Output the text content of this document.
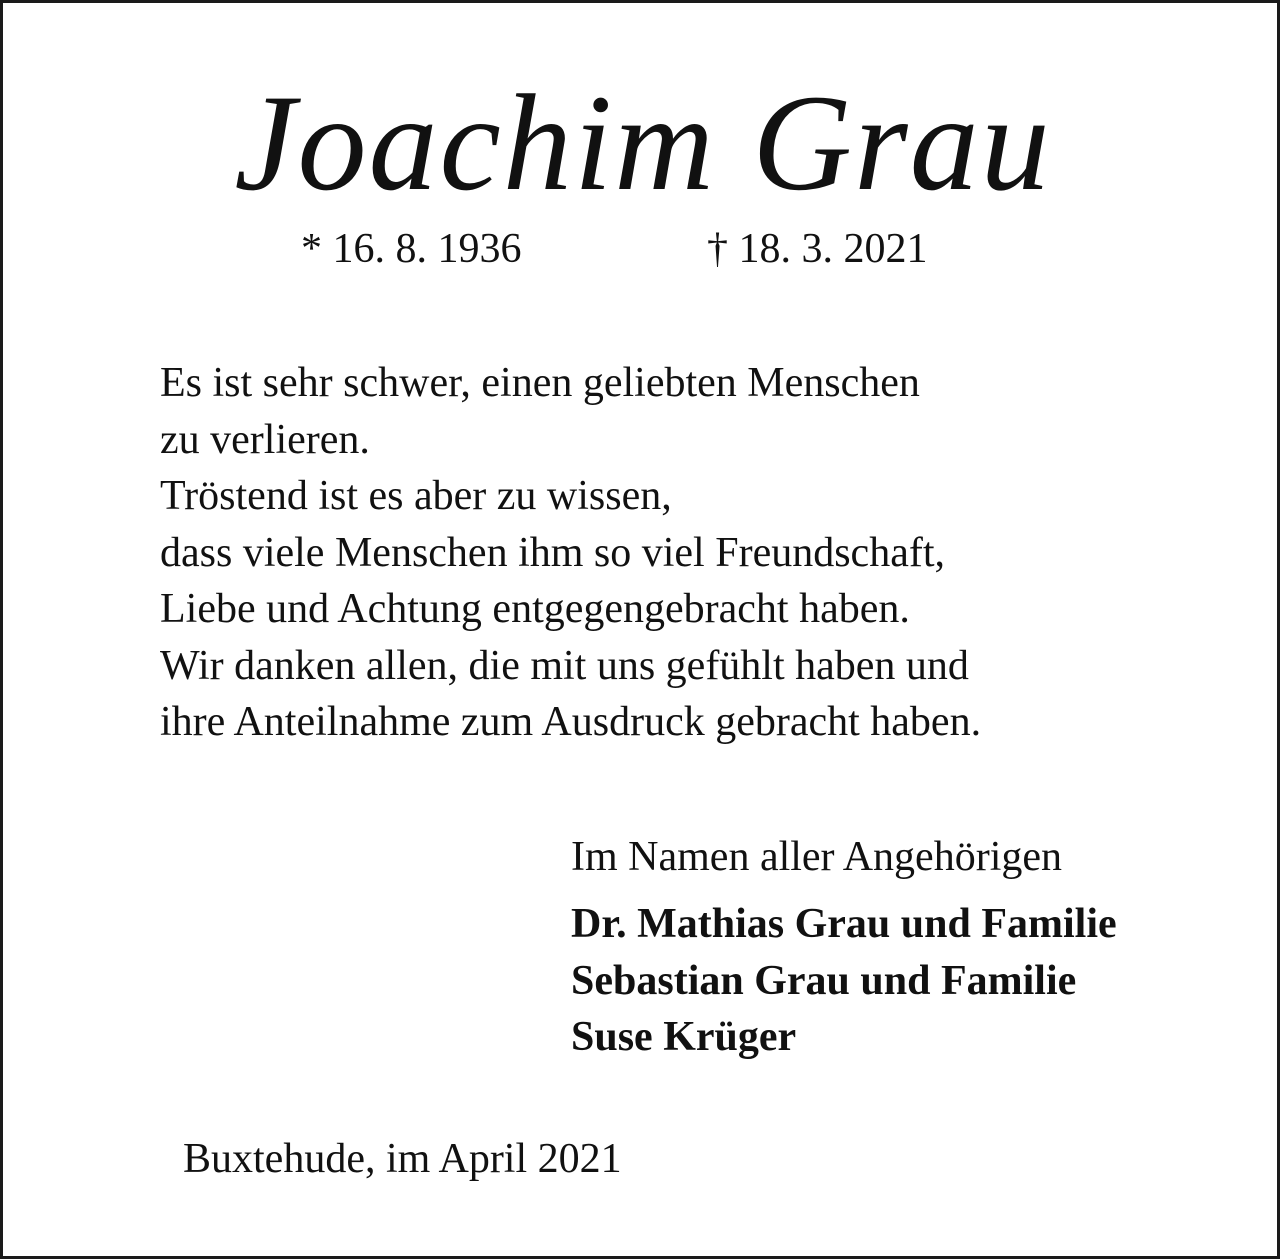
Joachim Grau
* 16. 8. 1936	† 18. 3. 2021
Es ist sehr schwer, einen geliebten Menschen
zu verlieren.
Tröstend ist es aber zu wissen,
dass viele Menschen ihm so viel Freundschaft,
Liebe und Achtung entgegengebracht haben.
Wir danken allen, die mit uns gefühlt haben und
ihre Anteilnahme zum Ausdruck gebracht haben.
Im Namen aller Angehörigen
Dr. Mathias Grau und Familie
Sebastian Grau und Familie
Suse Krüger
Buxtehude, im April 2021
